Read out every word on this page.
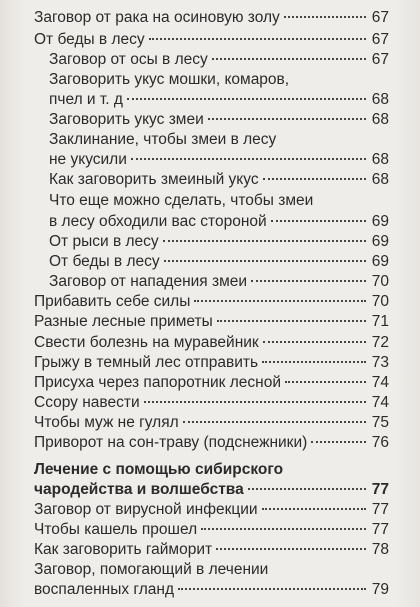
Заговор от рака на осиновую золу	67
От беды в лесу	67
Заговор от осы в лесу	67
Заговорить укус мошки, комаров,
пчел и т. д	68
Заговорить укус змеи	68
Заклинание, чтобы змеи в лесу
не укусили	68
Как заговорить змеиный укус	68
Что еще можно сделать, чтобы змеи
в лесу обходили вас стороной	69
От рыси в лесу	69
От беды в лесу	69
Заговор от нападения змеи	70
Прибавить себе силы	70
Разные лесные приметы	71
Свести болезнь на муравейник	72
Грыжу в темный лес отправить	73
Присуха через папоротник лесной	74
Ссору навести	74
Чтобы муж не гулял	75
Приворот на сон-траву (подснежники)	76
Лечение с помощью сибирского
чародейства и волшебства	77
Заговор от вирусной инфекции	77
Чтобы кашель прошел	77
Как заговорить гайморит	78
Заговор, помогающий в лечении
воспаленных гланд	79
